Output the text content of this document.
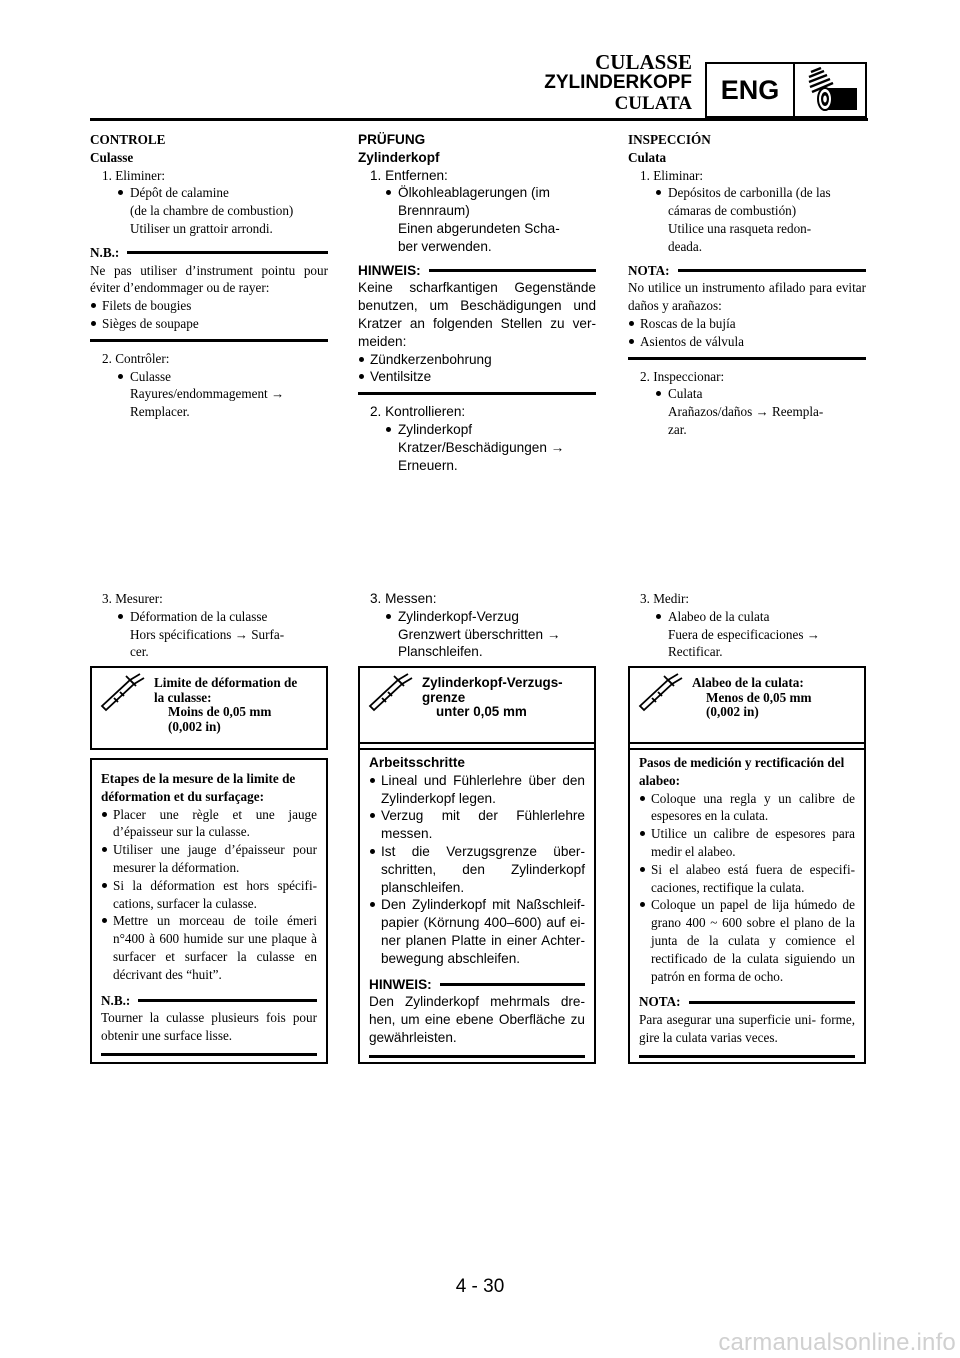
CULASSE
ZYLINDERKOPF
CULATA	ENG
CONTROLE
Culasse
1. Eliminer:
Dépôt de calamine
(de la chambre de combustion)
Utiliser un grattoir arrondi.
N.B.:
Ne pas utiliser d’instrument pointu pour éviter d’endommager ou de rayer:
Filets de bougies
Sièges de soupape
2. Contrôler:
Culasse
Rayures/endommagement →
Remplacer.
PRÜFUNG
Zylinderkopf
1. Entfernen:
Ölkohleablagerungen (im
Brennraum)
Einen abgerundeten Scha-
ber verwenden.
HINWEIS:
Keine scharfkantigen Gegenstände benutzen, um Beschädigungen und Kratzer an folgenden Stellen zu ver- meiden:
Zündkerzenbohrung
Ventilsitze
2. Kontrollieren:
Zylinderkopf
Kratzer/Beschädigungen →
Erneuern.
INSPECCIÓN
Culata
1. Eliminar:
Depósitos de carbonilla (de las
cámaras de combustión)
Utilice una rasqueta redon-
deada.
NOTA:
No utilice un instrumento afilado para evitar daños y arañazos:
Roscas de la bujía
Asientos de válvula
2. Inspeccionar:
Culata
Arañazos/daños → Reempla-
zar.
3. Mesurer:
Déformation de la culasse
Hors spécifications → Surfa-
cer.
3. Messen:
Zylinderkopf-Verzug
Grenzwert überschritten →
Planschleifen.
3. Medir:
Alabeo de la culata
Fuera de especificaciones →
Rectificar.
Limite de déformation de
la culasse:
Moins de 0,05 mm
(0,002 in)
Zylinderkopf-Verzugs-
grenze
unter 0,05 mm
Alabeo de la culata:
Menos de 0,05 mm
(0,002 in)
Etapes de la mesure de la limite de déformation et du surfaçage:
Placer une règle et une jauge d’épaisseur sur la culasse.
Utiliser une jauge d’épaisseur pour mesurer la déformation.
Si la déformation est hors spécifi- cations, surfacer la culasse.
Mettre un morceau de toile émeri n°400 à 600 humide sur une plaque à surfacer et surfacer la culasse en décrivant des “huit”.
N.B.:
Tourner la culasse plusieurs fois pour obtenir une surface lisse.
Arbeitsschritte
Lineal und Fühlerlehre über den Zylinderkopf legen.
Verzug mit der Fühlerlehre messen.
Ist die Verzugsgrenze über- schritten, den Zylinderkopf planschleifen.
Den Zylinderkopf mit Naßschleif- papier (Körnung 400–600) auf ei- ner planen Platte in einer Achter- bewegung abschleifen.
HINWEIS:
Den Zylinderkopf mehrmals dre- hen, um eine ebene Oberfläche zu gewährleisten.
Pasos de medición y rectificación del alabeo:
Coloque una regla y un calibre de espesores en la culata.
Utilice un calibre de espesores para medir el alabeo.
Si el alabeo está fuera de especifi- caciones, rectifique la culata.
Coloque un papel de lija húmedo de grano 400 ~ 600 sobre el plano de la junta de la culata y comience el rectificado de la culata siguiendo un patrón en forma de ocho.
NOTA:
Para asegurar una superficie uni- forme, gire la culata varias veces.
4 - 30
carmanualsonline.info
